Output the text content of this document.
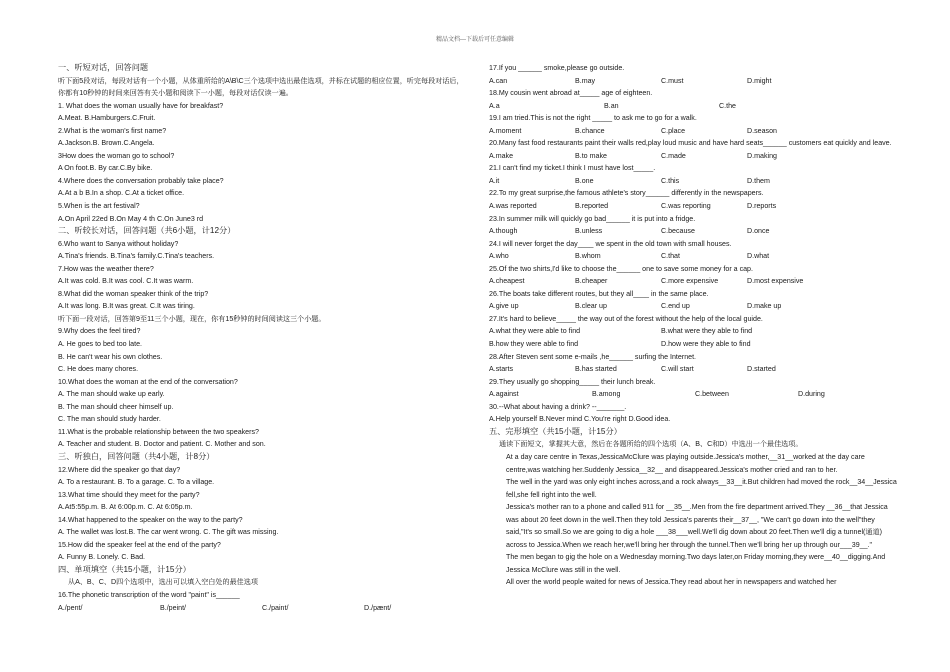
精品文档---下载后可任意编辑
一、听短对话，回答问题
听下面5段对话，每段对话有一个小题，从体重所给的A\B\C三个选项中选出最佳选项，并标在试题的相应位置，听完每段对话后，你都有10秒钟的时间来回答有关小题和阅读下一小题，每段对话仅读一遍。
1. What does the woman usually have for breakfast?
A.Meat. B.Hamburgers.C.Fruit.
2.What is the woman's first name?
A.Jackson.B. Brown.C.Angela.
3How does the woman go to school?
A On foot.B. By car.C.By bike.
4.Where does the conversation probably take place?
A.At a b B.In a shop. C.At a ticket office.
5.When is the art festival?
A.On April 22ed B.On May 4 th C.On June3 rd
二、听较长对话，回答问题（共6小题，计12分）
6.Who want to Sanya without holiday?
A.Tina's friends. B.Tina's family.C.Tina's teachers.
7.How was the weather there?
A.It was cold. B.It was cool. C.It was warm.
8.What did the woman speaker think of the trip?
A.It was long. B.It was great. C.It was tiring.
听下面一段对话，回答第9至11三个小题，现在，你有15秒钟的时间阅读这三个小题。
9.Why does the feel tired?
A. He goes to bed too late.
B. He can't wear his own clothes.
C. He does many chores.
10.What does the woman at the end of the conversation?
A. The man should wake up early.
B. The man should cheer himself up.
C. The man should study harder.
11.What is the probable relationship between the two speakers?
A. Teacher and student. B. Doctor and patient. C. Mother and son.
三、听独白，回答问题（共4小题，计8分）
12.Where did the speaker go that day?
A. To a restaurant. B. To a garage. C. To a village.
13.What time should they meet for the party?
A.At5:55p.m. B. At 6:00p.m. C. At 6:05p.m.
14.What happened to the speaker on the way to the party?
A. The wallet was lost.B. The car went wrong. C. The gift was missing.
15.How did the speaker feel at the end of the party?
A. Funny B. Lonely. C. Bad.
四、单项填空（共15小题，计15分）
从A、B、C、D四个选项中，选出可以填入空白处的最佳选项
16.The phonetic transcription of the word "paint" is______
A./pent/	B./peint/	C./paint/	D./pænt/
17.If you ______ smoke,please go outside.
A.can	B.may	C.must	D.might
18.My cousin went abroad at_____ age of eighteen.
A.a	B.an	C.the
19.I am tried.This is not the right _____ to ask me to go for a walk.
A.moment	B.chance	C.place	D.season
20.Many fast food restaurants paint their walls red,play loud music and have hard seats______ customers eat quickly and leave.
A.make	B.to make	C.made	D.making
21.I can't find my ticket.I think I must have lost_____.
A.it	B.one	C.this	D.them
22.To my great surprise,the famous athlete's story______ differently in the newspapers.
A.was reported	B.reported	C.was reporting	D.reports
23.In summer milk will quickly go bad______ it is put into a fridge.
A.though	B.unless	C.because	D.once
24.I will never forget the day____ we spent in the old town with small houses.
A.who	B.whom	C.that	D.what
25.Of the two shirts,I'd like to choose the______ one to save some money for a cap.
A.cheapest	B.cheaper	C.more expensive	D.most expensive
26.The boats take different routes, but they all____ in the same place.
A.give up	B.clear up	C.end up	D.make up
27.It's hard to believe_____ the way out of the forest without the help of the local guide.
A.what they were able to find	B.what were they able to find
B.how they were able to find	D.how were they able to find
28.After Steven sent some e-mails ,he______ surfing the Internet.
A.starts	B.has started	C.will start	D.started
29.They usually go shopping_____ their lunch break.
A.against	B.among	C.between	D.during
30.--What about having a drink? --_______.
A.Help yourself B.Never mind C.You're right D.Good idea.
五、完形填空（共15小题，计15分）
通读下面短文，掌握其大意，然后在各题所给的四个选项（A、B、C和D）中选出一个最佳选项。
At a day care centre in Texas,JessicaMcClure was playing outside.Jessica's mother,__31__worked at the day care centre,was watching her.Suddenly Jessica__32__ and disappeared.Jessica's mother cried and ran to her.
The well in the yard was only eight inches across,and a rock always__33__it.But children had moved the rock__34__Jessica fell,she fell right into the well.
Jessica's mother ran to a phone and called 911 for __35__.Men from the fire department arrived.They __36__that Jessica was about 20 feet down in the well.Then they told Jessica's parents their__37__, "We can't go down into the well"they said,"It's so small.So we are going to dig a hole ___38___well.We'll dig down about 20 feet.Then we'll dig a tunnel(通道) across to Jessica.When we reach her,we'll bring her through the tunnel.Then we'll bring her up through our___39__."
The men began to gig the hole on a Wednesday morning.Two days later,on Friday morning,they were__40__digging.And Jessica McClure was still in the well.
All over the world people waited for news of Jessica.They read about her in newspapers and watched her
